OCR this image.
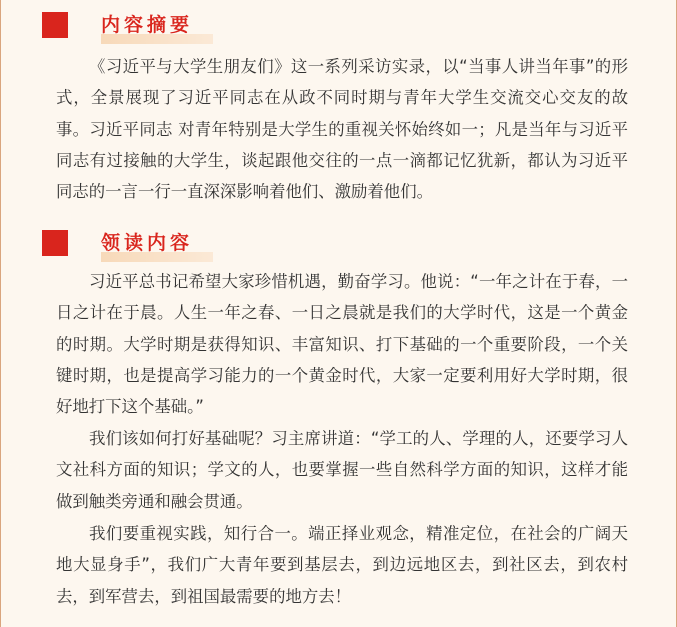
内容摘要

《习近平与大学生朋友们》这一系列采访实录，以“当事人讲当年事”的形式，全景展现了习近平同志在从政不同时期与青年大学生交流交心交友的故事。习近平同志 对青年特别是大学生的重视关怀始终如一；凡是当年与习近平同志有过接触的大学生，谈起跟他交往的一点一滴都记忆犹新，都认为习近平同志的一言一行一直深深影响着他们、激励着他们。

领读内容

习近平总书记希望大家珍惜机遇，勤奋学习。他说：“一年之计在于春，一日之计在于晨。人生一年之春、一日之晨就是我们的大学时代，这是一个黄金的时期。大学时期是获得知识、丰富知识、打下基础的一个重要阶段，一个关键时期，也是提高学习能力的一个黄金时代，大家一定要利用好大学时期，很好地打下这个基础。”

我们该如何打好基础呢？习主席讲道：“学工的人、学理的人，还要学习人文社科方面的知识；学文的人，也要掌握一些自然科学方面的知识，这样才能做到触类旁通和融会贯通。

我们要重视实践，知行合一。端正择业观念，精准定位，在社会的广阔天地大显身手”，我们广大青年要到基层去，到边远地区去，到社区去，到农村去，到军营去，到祖国最需要的地方去！
